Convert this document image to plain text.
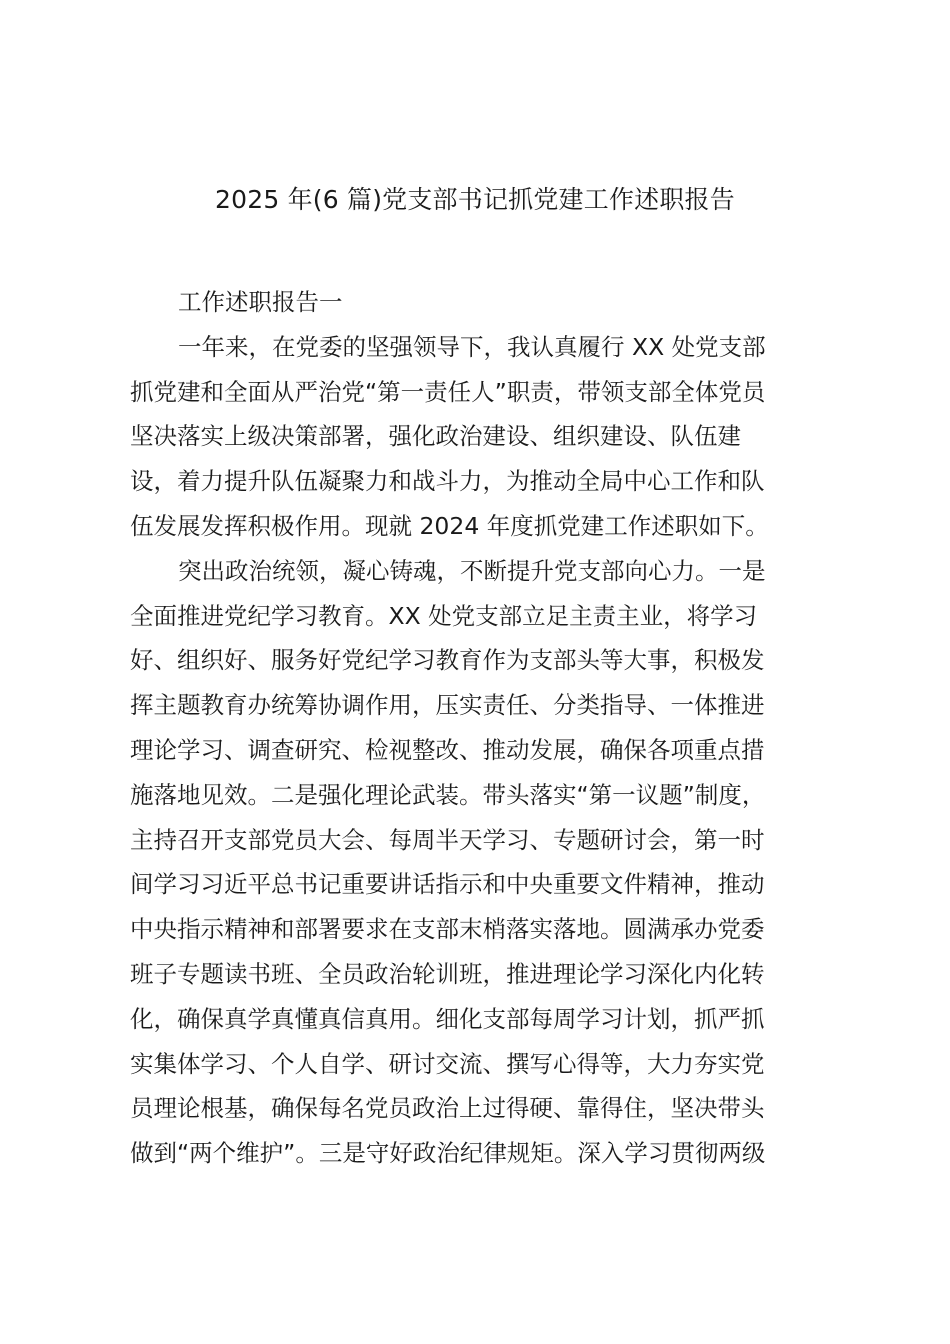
2025 年(6 篇)党支部书记抓党建工作述职报告
工作述职报告一
一年来，在党委的坚强领导下，我认真履行 XX 处党支部
抓党建和全面从严治党“第一责任人”职责，带领支部全体党员
坚决落实上级决策部署，强化政治建设、组织建设、队伍建
设，着力提升队伍凝聚力和战斗力，为推动全局中心工作和队
伍发展发挥积极作用。现就 2024 年度抓党建工作述职如下。
突出政治统领，凝心铸魂，不断提升党支部向心力。一是
全面推进党纪学习教育。XX 处党支部立足主责主业，将学习
好、组织好、服务好党纪学习教育作为支部头等大事，积极发
挥主题教育办统筹协调作用，压实责任、分类指导、一体推进
理论学习、调查研究、检视整改、推动发展，确保各项重点措
施落地见效。二是强化理论武装。带头落实“第一议题”制度，
主持召开支部党员大会、每周半天学习、专题研讨会，第一时
间学习习近平总书记重要讲话指示和中央重要文件精神，推动
中央指示精神和部署要求在支部末梢落实落地。圆满承办党委
班子专题读书班、全员政治轮训班，推进理论学习深化内化转
化，确保真学真懂真信真用。细化支部每周学习计划，抓严抓
实集体学习、个人自学、研讨交流、撰写心得等，大力夯实党
员理论根基，确保每名党员政治上过得硬、靠得住，坚决带头
做到“两个维护”。三是守好政治纪律规矩。深入学习贯彻两级
